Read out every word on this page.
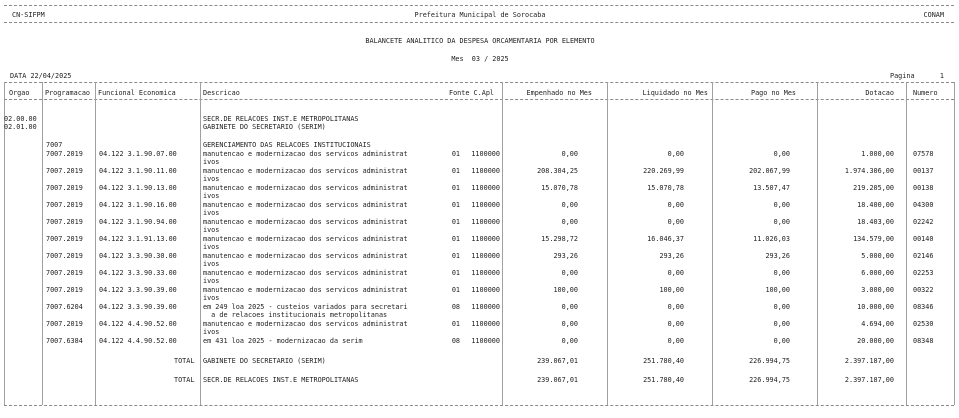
CN-SIFPM	Prefeitura Municipal de Sorocaba	CONAM
BALANCETE ANALITICO DA DESPESA ORCAMENTARIA POR ELEMENTO
Mes  03 / 2025
DATA 22/04/2025	Pagina	1
Orgao Programacao Funcional Economica	Descricao	Fonte C.Apl	Empenhado no Mes	Liquidado no Mes	Pago no Mes	Dotacao	Numero
02.00.00	SECR.DE RELACOES INST.E METROPOLITANAS
02.01.00	GABINETE DO SECRETARIO (SERIM)
7007	GERENCIAMENTO DAS RELACOES INSTITUCIONAIS
7007.2019 04.122 3.1.90.07.00	manutencao e modernizacao dos servicos administrat	01	1100000	0,00	0,00	0,00	1.000,00	07578
ivos
7007.2019 04.122 3.1.90.11.00	manutencao e modernizacao dos servicos administrat	01	1100000	208.304,25	220.269,99	202.067,99	1.974.306,00	00137
ivos
7007.2019 04.122 3.1.90.13.00	manutencao e modernizacao dos servicos administrat	01	1100000	15.070,78	15.070,78	13.507,47	219.205,00	00138
ivos
7007.2019 04.122 3.1.90.16.00	manutencao e modernizacao dos servicos administrat	01	1100000	0,00	0,00	0,00	18.400,00	04300
ivos
7007.2019 04.122 3.1.90.94.00	manutencao e modernizacao dos servicos administrat	01	1100000	0,00	0,00	0,00	18.403,00	02242
ivos
7007.2019 04.122 3.1.91.13.00	manutencao e modernizacao dos servicos administrat	01	1100000	15.298,72	16.046,37	11.026,03	134.579,00	00140
ivos
7007.2019 04.122 3.3.90.30.00	manutencao e modernizacao dos servicos administrat	01	1100000	293,26	293,26	293,26	5.000,00	02146
ivos
7007.2019 04.122 3.3.90.33.00	manutencao e modernizacao dos servicos administrat	01	1100000	0,00	0,00	0,00	6.000,00	02253
ivos
7007.2019 04.122 3.3.90.39.00	manutencao e modernizacao dos servicos administrat	01	1100000	100,00	100,00	100,00	3.000,00	00322
ivos
7007.6204 04.122 3.3.90.39.00	em 249 loa 2025 - custeios variados para secretari	08	1100000	0,00	0,00	0,00	10.000,00	08346
a de relacoes institucionais metropolitanas
7007.2019 04.122 4.4.90.52.00	manutencao e modernizacao dos servicos administrat	01	1100000	0,00	0,00	0,00	4.694,00	02530
ivos
7007.6384 04.122 4.4.90.52.00	em 431 loa 2025 - modernizacao da serim	08	1100000	0,00	0,00	0,00	20.000,00	08348
TOTAL GABINETE DO SECRETARIO (SERIM)	239.067,01	251.780,40	226.994,75	2.397.187,00
TOTAL SECR.DE RELACOES INST.E METROPOLITANAS	239.067,01	251.780,40	226.994,75	2.397.187,00
